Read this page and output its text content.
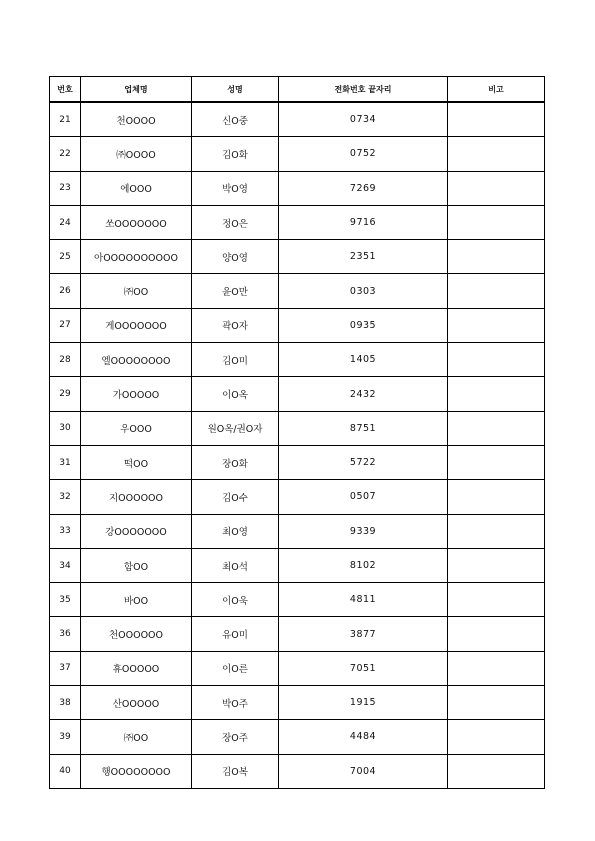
번호	업체명	성명	전화번호 끝자리	비고
21	천OOOO	신O중	0734	
22	㈜OOOO	김O화	0752	
23	에OOO	박O영	7269	
24	쏘OOOOOOO	정O은	9716	
25	아OOOOOOOOOO	양O영	2351	
26	㈜OO	윤O만	0303	
27	게OOOOOOO	곽O자	0935	
28	엘OOOOOOOO	김O미	1405	
29	가OOOOO	이O옥	2432	
30	우OOO	원O옥/권O자	8751	
31	떡OO	장O화	5722	
32	지OOOOOO	김O수	0507	
33	강OOOOOOO	최O영	9339	
34	함OO	최O석	8102	
35	바OO	이O욱	4811	
36	천OOOOOO	유O미	3877	
37	휴OOOOO	이O른	7051	
38	산OOOOO	박O주	1915	
39	㈜OO	장O주	4484	
40	행OOOOOOOO	김O복	7004	
